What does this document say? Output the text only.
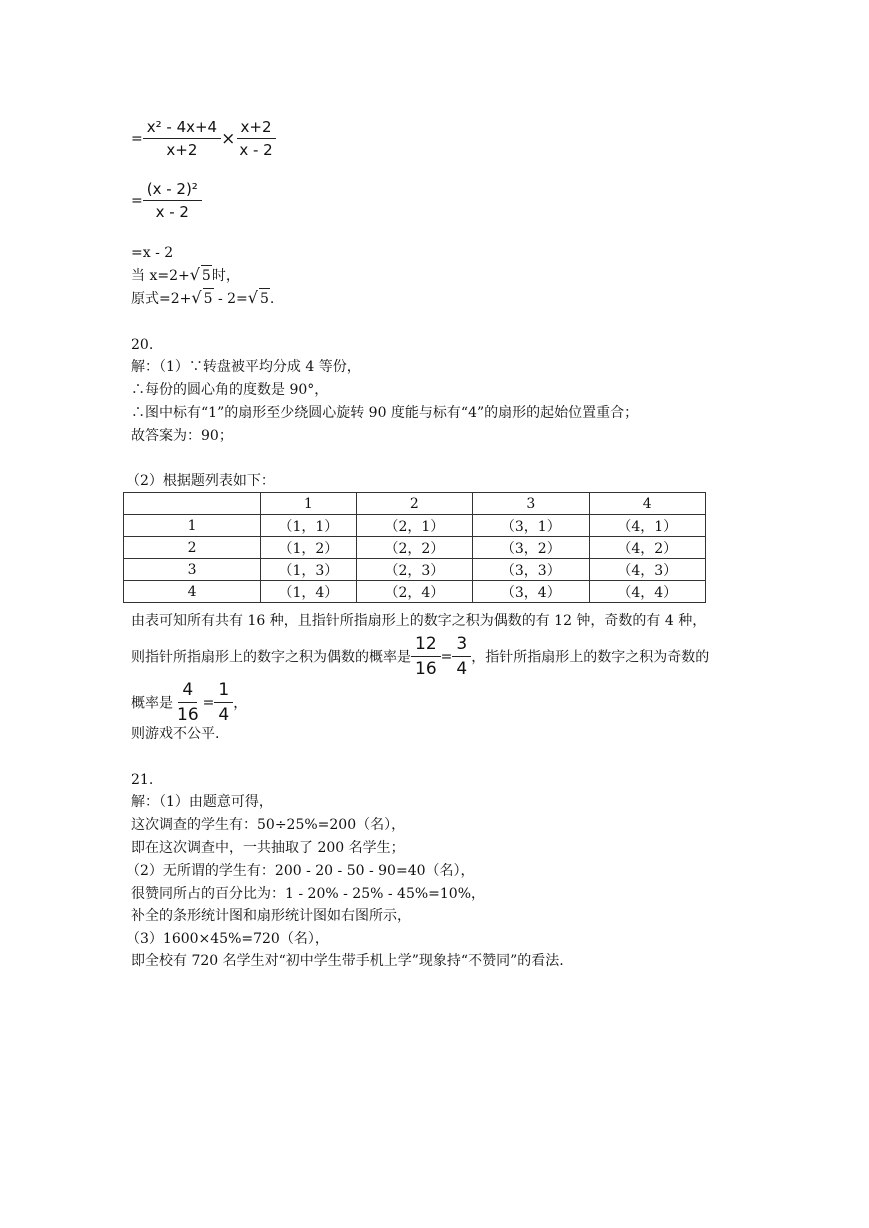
= $\frac{\text{x² - 4x+4}}{x+2} \times \frac{x+2}{x - 2}$
= $\frac{\text{(x - 2)²}}{x - 2}$
=x - 2
当 x=2+√ 5时，
原式=2+√ 5 - 2=√ 5.
20.
解：（1）∵转盘被平均分成 4 等份，
∴每份的圆心角的度数是 90°，
∴图中标有“1”的扇形至少绕圆心旋转 90 度能与标有“4”的扇形的起始位置重合；
故答案为：90；
（2）根据题列表如下：
	1	2	3	4
1	（1，1）	（2，1）	（3，1）	（4，1）
2	（1，2）	（2，2）	（3，2）	（4，2）
3	（1，3）	（2，3）	（3，3）	（4，3）
4	（1，4）	（2，4）	（3，4）	（4，4）
由表可知所有共有 16 种，且指针所指扇形上的数字之积为偶数的有 12 钟，奇数的有 4 种，
则指针所指扇形上的数字之积为偶数的概率是 $\frac{12}{16} = \frac{3}{4}$ ，指针所指扇形上的数字之积为奇数的
概率是 $\frac{4}{16} = \frac{1}{4}$ ，
则游戏不公平.
21.
解：（1）由题意可得，
这次调查的学生有：50÷25%=200（名），
即在这次调查中，一共抽取了 200 名学生；
（2）无所谓的学生有：200 - 20 - 50 - 90=40（名），
很赞同所占的百分比为：1 - 20% - 25% - 45%=10%，
补全的条形统计图和扇形统计图如右图所示，
（3）1600×45%=720（名），
即全校有 720 名学生对“初中学生带手机上学”现象持“不赞同”的看法.
